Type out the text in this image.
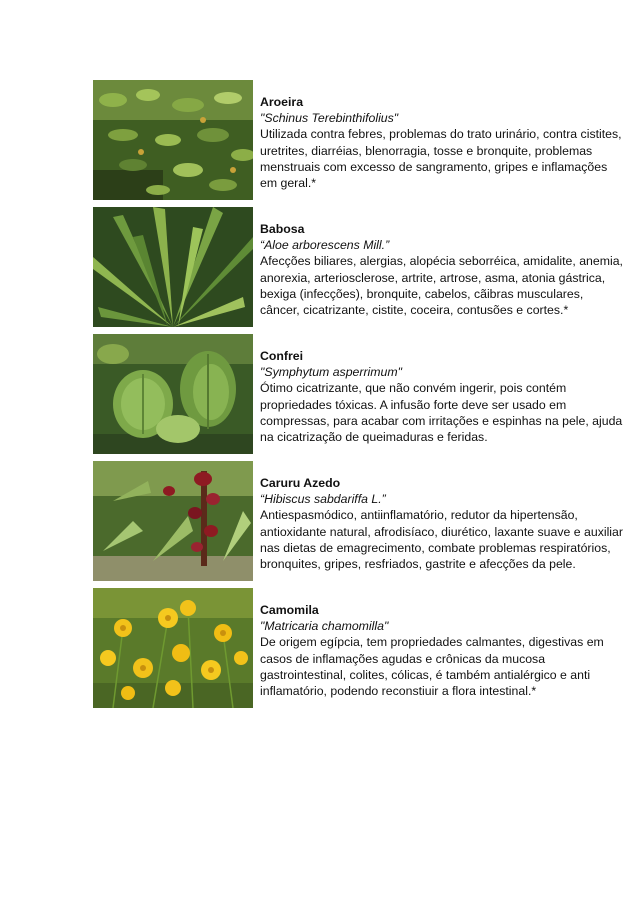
Aroeira
"Schinus Terebinthifolius"
Utilizada contra febres, problemas do trato urinário, contra cistites, uretrites, diarréias, blenorragia, tosse e bronquite, problemas menstruais com excesso de sangramento, gripes e inflamações em geral.*
Babosa
“Aloe arborescens Mill.”
Afecções biliares, alergias, alopécia seborréica, amidalite, anemia, anorexia, arteriosclerose, artrite, artrose, asma, atonia gástrica, bexiga (infecções), bronquite, cabelos, cãibras musculares, câncer, cicatrizante, cistite, coceira, contusões e cortes.*
Confrei
"Symphytum asperrimum"
Ótimo cicatrizante, que não convém ingerir, pois contém propriedades tóxicas. A infusão forte deve ser usado em compressas, para acabar com irritações e espinhas na pele, ajuda na cicatrização de queimaduras e feridas.
Caruru Azedo
“Hibiscus sabdariffa L.”
Antiespasmódico, antiinflamatório, redutor da hipertensão, antioxidante natural, afrodisíaco, diurético, laxante suave e auxiliar nas dietas de emagrecimento, combate problemas respiratórios, bronquites, gripes, resfriados, gastrite e afecções da pele.
Camomila
"Matricaria chamomilla"
De origem egípcia, tem propriedades calmantes, digestivas em casos de inflamações agudas e crônicas da mucosa gastrointestinal, colites, cólicas, é também antialérgico e anti inflamatório, podendo reconstiuir a flora intestinal.*
